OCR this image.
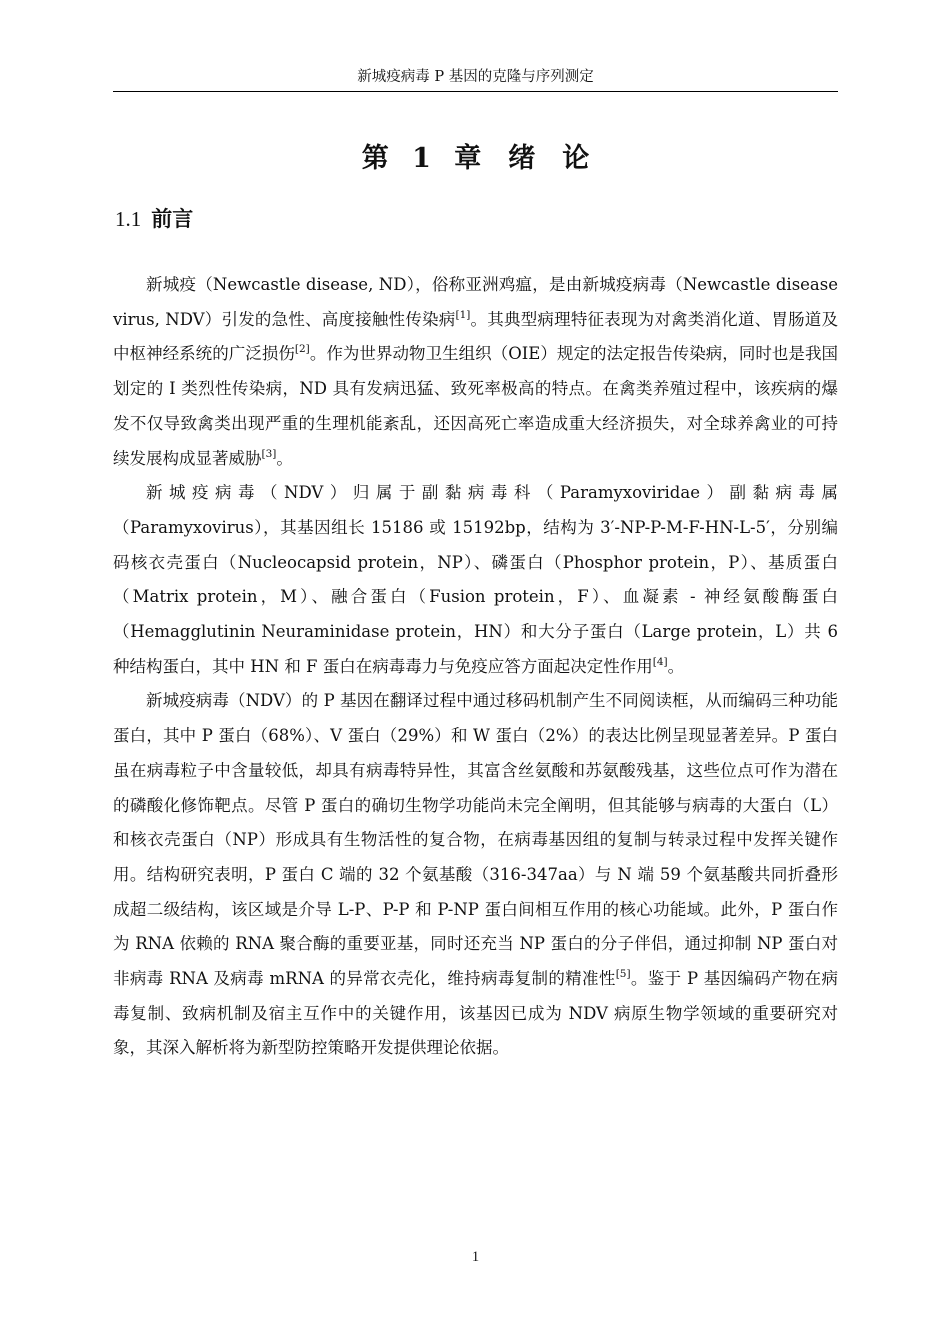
新城疫病毒 P 基因的克隆与序列测定
第 1 章　绪　论
1.1 前言

新城疫（Newcastle disease, ND），俗称亚洲鸡瘟，是由新城疫病毒（Newcastle disease virus, NDV）引发的急性、高度接触性传染病[1]。其典型病理特征表现为对禽类消化道、胃肠道及中枢神经系统的广泛损伤[2]。作为世界动物卫生组织（OIE）规定的法定报告传染病，同时也是我国划定的 I 类烈性传染病，ND 具有发病迅猛、致死率极高的特点。在禽类养殖过程中，该疾病的爆发不仅导致禽类出现严重的生理机能紊乱，还因高死亡率造成重大经济损失，对全球养禽业的可持续发展构成显著威胁[3]。

新城疫病毒（NDV）归属于副黏病毒科（Paramyxoviridae）副黏病毒属（Paramyxovirus），其基因组长 15186 或 15192bp，结构为 3′-NP-P-M-F-HN-L-5′，分别编码核衣壳蛋白（Nucleocapsid protein，NP）、磷蛋白（Phosphor protein，P）、基质蛋白（Matrix protein，M）、融合蛋白（Fusion protein，F）、血凝素 - 神经氨酸酶蛋白（Hemagglutinin Neuraminidase protein，HN）和大分子蛋白（Large protein，L）共 6 种结构蛋白，其中 HN 和 F 蛋白在病毒毒力与免疫应答方面起决定性作用[4]。

新城疫病毒（NDV）的 P 基因在翻译过程中通过移码机制产生不同阅读框，从而编码三种功能蛋白，其中 P 蛋白（68%）、V 蛋白（29%）和 W 蛋白（2%）的表达比例呈现显著差异。P 蛋白虽在病毒粒子中含量较低，却具有病毒特异性，其富含丝氨酸和苏氨酸残基，这些位点可作为潜在的磷酸化修饰靶点。尽管 P 蛋白的确切生物学功能尚未完全阐明，但其能够与病毒的大蛋白（L）和核衣壳蛋白（NP）形成具有生物活性的复合物，在病毒基因组的复制与转录过程中发挥关键作用。结构研究表明，P 蛋白 C 端的 32 个氨基酸（316-347aa）与 N 端 59 个氨基酸共同折叠形成超二级结构，该区域是介导 L-P、P-P 和 P-NP 蛋白间相互作用的核心功能域。此外，P 蛋白作为 RNA 依赖的 RNA 聚合酶的重要亚基，同时还充当 NP 蛋白的分子伴侣，通过抑制 NP 蛋白对非病毒 RNA 及病毒 mRNA 的异常衣壳化，维持病毒复制的精准性[5]。鉴于 P 基因编码产物在病毒复制、致病机制及宿主互作中的关键作用，该基因已成为 NDV 病原生物学领域的重要研究对象，其深入解析将为新型防控策略开发提供理论依据。

1
